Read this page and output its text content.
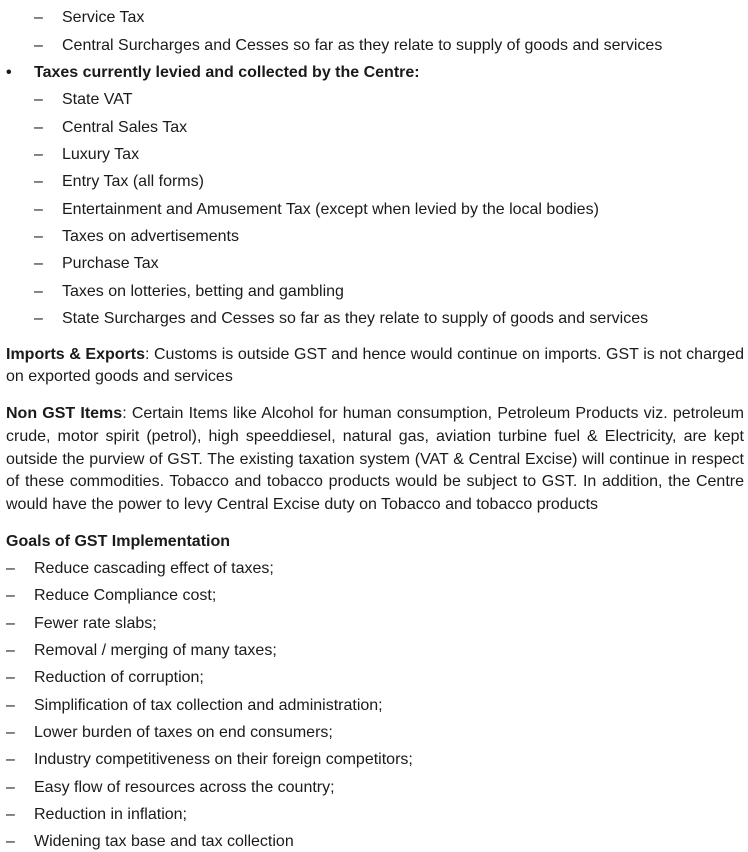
– Service Tax
– Central Surcharges and Cesses so far as they relate to supply of goods and services
• Taxes currently levied and collected by the Centre:
– State VAT
– Central Sales Tax
– Luxury Tax
– Entry Tax (all forms)
– Entertainment and Amusement Tax (except when levied by the local bodies)
– Taxes on advertisements
– Purchase Tax
– Taxes on lotteries, betting and gambling
– State Surcharges and Cesses so far as they relate to supply of goods and services
Imports & Exports: Customs is outside GST and hence would continue on imports. GST is not charged on exported goods and services
Non GST Items: Certain Items like Alcohol for human consumption, Petroleum Products viz. petroleum crude, motor spirit (petrol), high speeddiesel, natural gas, aviation turbine fuel & Electricity, are kept outside the purview of GST. The existing taxation system (VAT & Central Excise) will continue in respect of these commodities. Tobacco and tobacco products would be subject to GST. In addition, the Centre would have the power to levy Central Excise duty on Tobacco and tobacco products
Goals of GST Implementation
– Reduce cascading effect of taxes;
– Reduce Compliance cost;
– Fewer rate slabs;
– Removal / merging of many taxes;
– Reduction of corruption;
– Simplification of tax collection and administration;
– Lower burden of taxes on end consumers;
– Industry competitiveness on their foreign competitors;
– Easy flow of resources across the country;
– Reduction in inflation;
– Widening tax base and tax collection
